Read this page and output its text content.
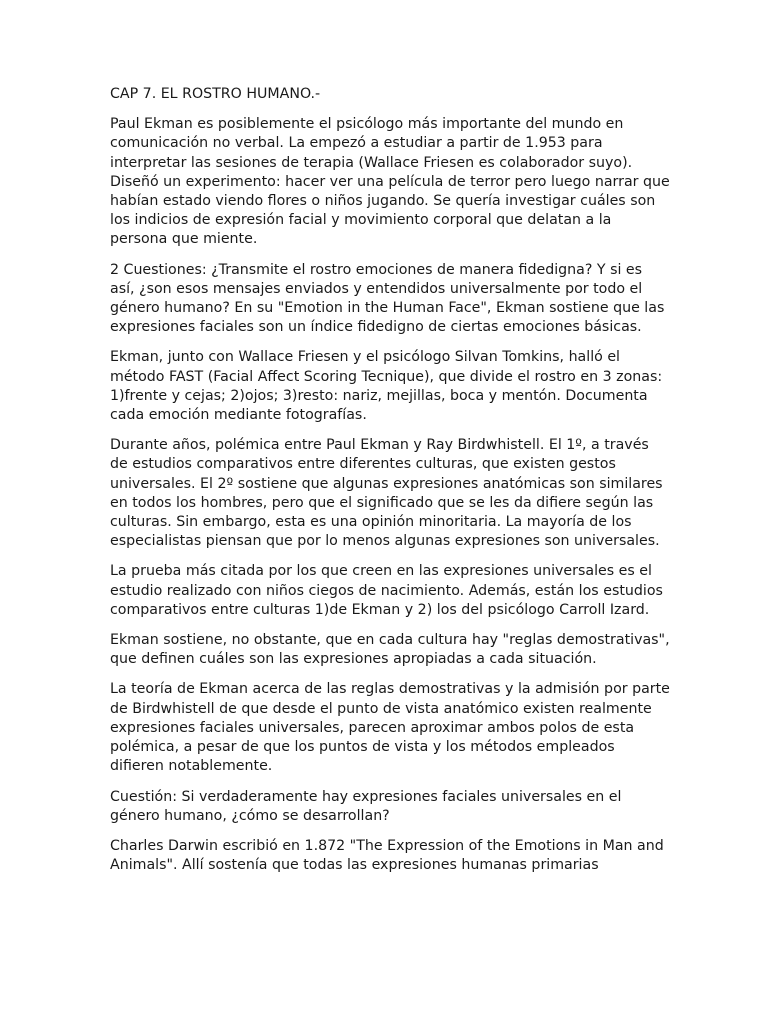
CAP 7. EL ROSTRO HUMANO.-

Paul Ekman es posiblemente el psicólogo más importante del mundo en comunicación no verbal. La empezó a estudiar a partir de 1.953 para interpretar las sesiones de terapia (Wallace Friesen es colaborador suyo). Diseñó un experimento: hacer ver una película de terror pero luego narrar que habían estado viendo flores o niños jugando. Se quería investigar cuáles son los indicios de expresión facial y movimiento corporal que delatan a la persona que miente.

2 Cuestiones: ¿Transmite el rostro emociones de manera fidedigna? Y si es así, ¿son esos mensajes enviados y entendidos universalmente por todo el género humano? En su "Emotion in the Human Face", Ekman sostiene que las expresiones faciales son un índice fidedigno de ciertas emociones básicas.

Ekman, junto con Wallace Friesen y el psicólogo Silvan Tomkins, halló el método FAST (Facial Affect Scoring Tecnique), que divide el rostro en 3 zonas: 1)frente y cejas; 2)ojos; 3)resto: nariz, mejillas, boca y mentón. Documenta cada emoción mediante fotografías.

Durante años, polémica entre Paul Ekman y Ray Birdwhistell. El 1º, a través de estudios comparativos entre diferentes culturas, que existen gestos universales. El 2º sostiene que algunas expresiones anatómicas son similares en todos los hombres, pero que el significado que se les da difiere según las culturas. Sin embargo, esta es una opinión minoritaria. La mayoría de los especialistas piensan que por lo menos algunas expresiones son universales.

La prueba más citada por los que creen en las expresiones universales es el estudio realizado con niños ciegos de nacimiento. Además, están los estudios comparativos entre culturas 1)de Ekman y 2) los del psicólogo Carroll Izard.

Ekman sostiene, no obstante, que en cada cultura hay "reglas demostrativas", que definen cuáles son las expresiones apropiadas a cada situación.

La teoría de Ekman acerca de las reglas demostrativas y la admisión por parte de Birdwhistell de que desde el punto de vista anatómico existen realmente expresiones faciales universales, parecen aproximar ambos polos de esta polémica, a pesar de que los puntos de vista y los métodos empleados difieren notablemente.

Cuestión: Si verdaderamente hay expresiones faciales universales en el género humano, ¿cómo se desarrollan?

Charles Darwin escribió en 1.872 "The Expression of the Emotions in Man and Animals". Allí sostenía que todas las expresiones humanas primarias
